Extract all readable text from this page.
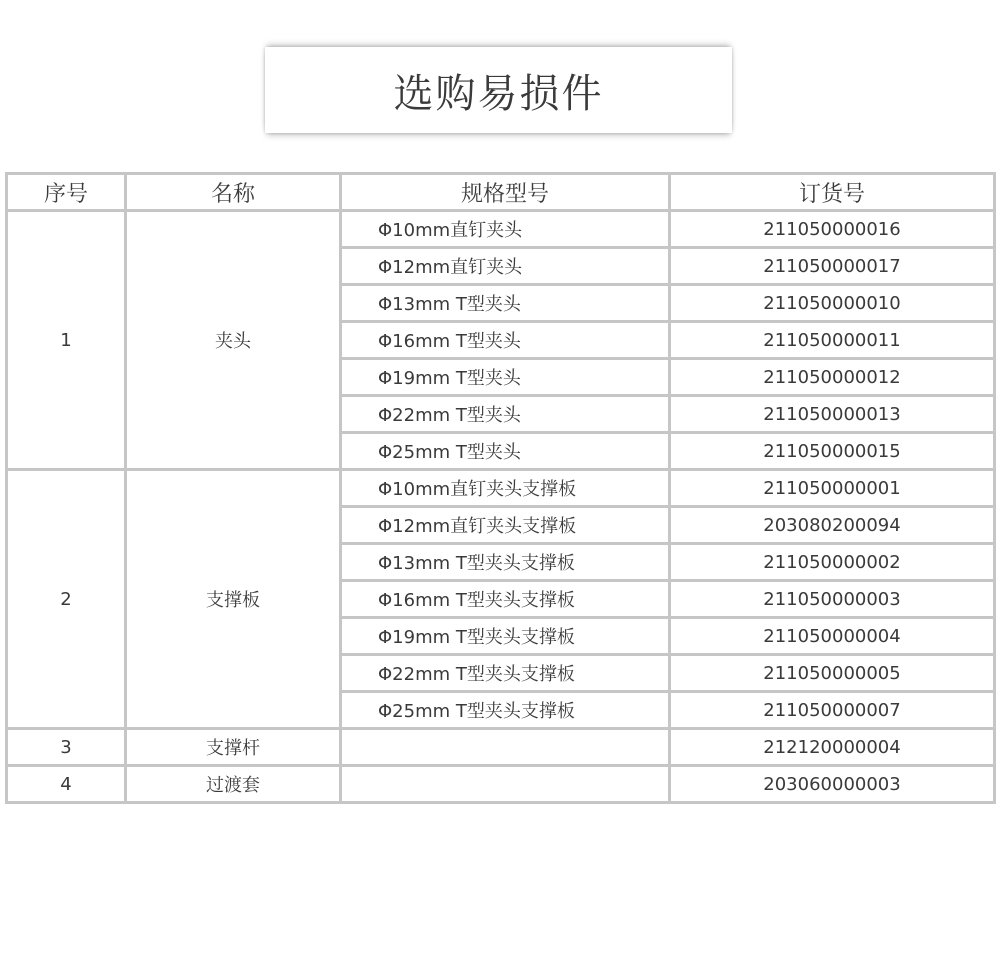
选购易损件
序号	名称	规格型号	订货号
1	夹头	Φ10mm直钉夹头	211050000016
		Φ12mm直钉夹头	211050000017
		Φ13mm T型夹头	211050000010
		Φ16mm T型夹头	211050000011
		Φ19mm T型夹头	211050000012
		Φ22mm T型夹头	211050000013
		Φ25mm T型夹头	211050000015
2	支撑板	Φ10mm直钉夹头支撑板	211050000001
		Φ12mm直钉夹头支撑板	203080200094
		Φ13mm T型夹头支撑板	211050000002
		Φ16mm T型夹头支撑板	211050000003
		Φ19mm T型夹头支撑板	211050000004
		Φ22mm T型夹头支撑板	211050000005
		Φ25mm T型夹头支撑板	211050000007
3	支撑杆		212120000004
4	过渡套		203060000003
